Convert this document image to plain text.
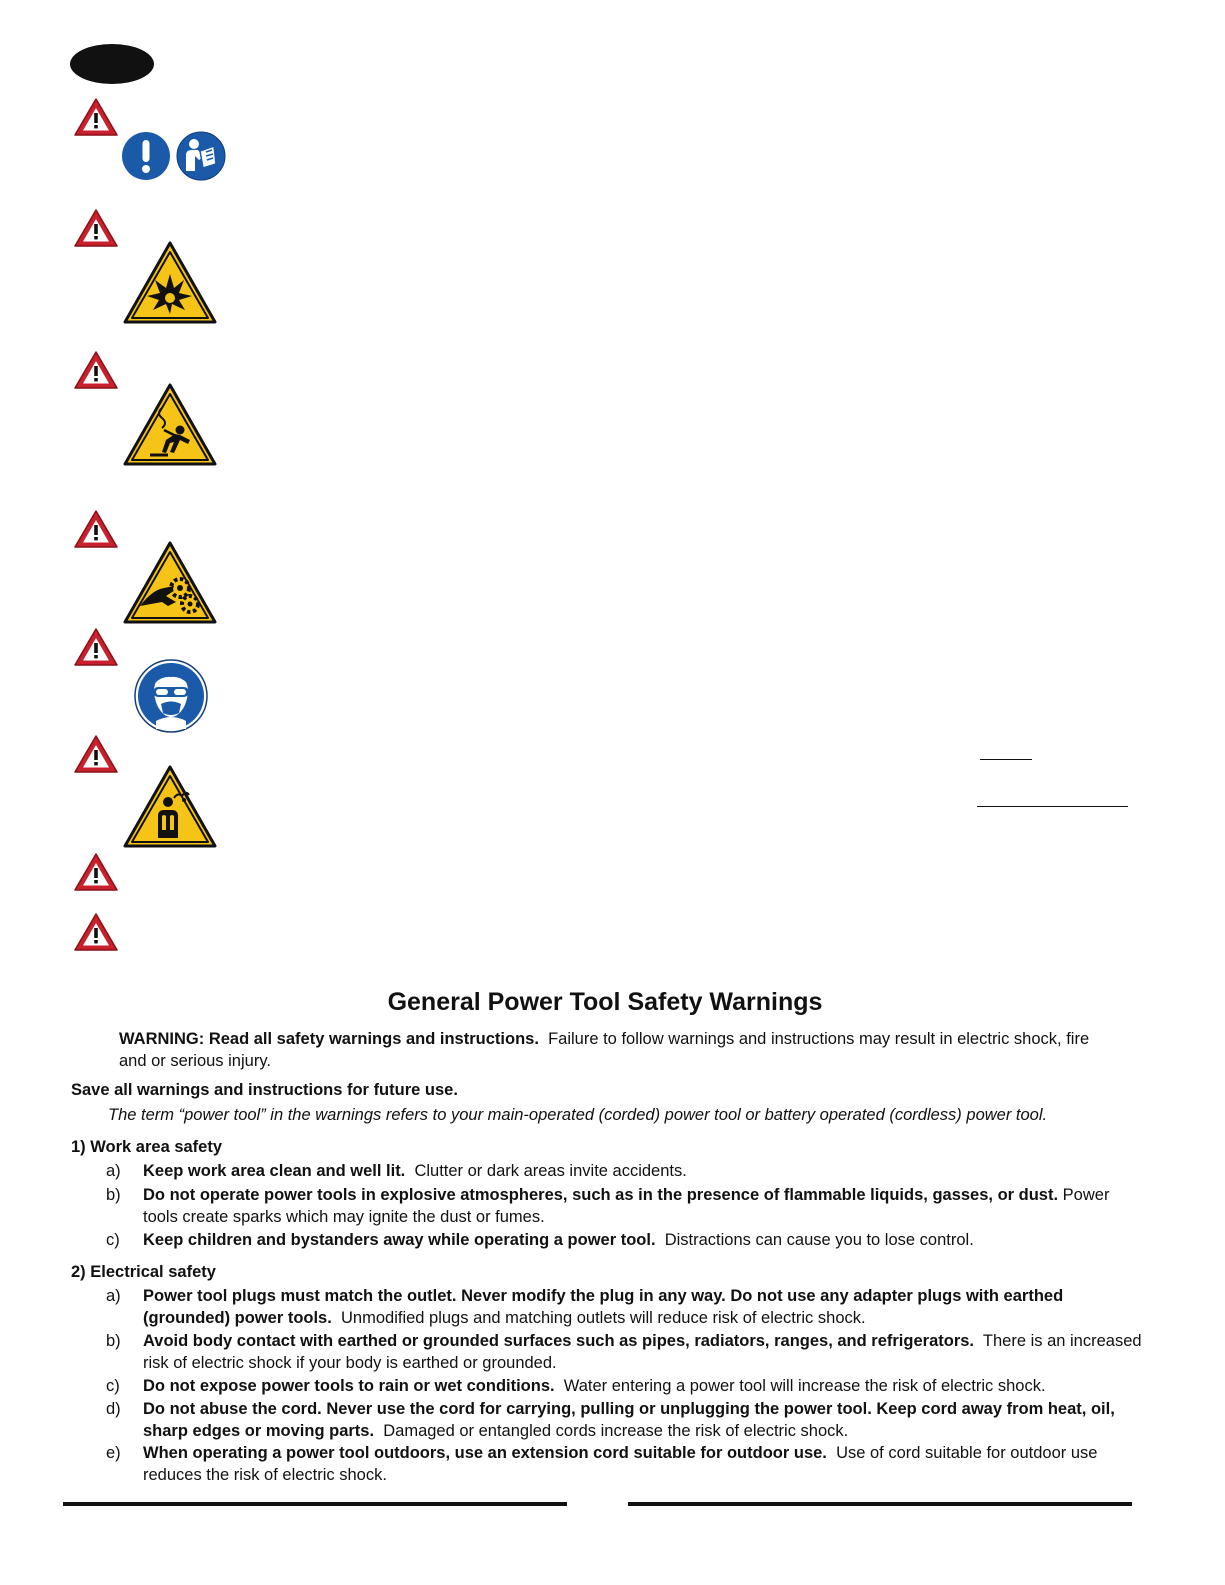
General Power Tool Safety Warnings
WARNING: Read all safety warnings and instructions. Failure to follow warnings and instructions may result in electric shock, fire and or serious injury.
Save all warnings and instructions for future use.
The term “power tool” in the warnings refers to your main-operated (corded) power tool or battery operated (cordless) power tool.
1) Work area safety
a)	Keep work area clean and well lit. Clutter or dark areas invite accidents.
b)	Do not operate power tools in explosive atmospheres, such as in the presence of flammable liquids, gasses, or dust. Power tools create sparks which may ignite the dust or fumes.
c)	Keep children and bystanders away while operating a power tool. Distractions can cause you to lose control.
2) Electrical safety
a)	Power tool plugs must match the outlet. Never modify the plug in any way. Do not use any adapter plugs with earthed (grounded) power tools. Unmodified plugs and matching outlets will reduce risk of electric shock.
b)	Avoid body contact with earthed or grounded surfaces such as pipes, radiators, ranges, and refrigerators. There is an increased risk of electric shock if your body is earthed or grounded.
c)	Do not expose power tools to rain or wet conditions. Water entering a power tool will increase the risk of electric shock.
d)	Do not abuse the cord. Never use the cord for carrying, pulling or unplugging the power tool. Keep cord away from heat, oil, sharp edges or moving parts. Damaged or entangled cords increase the risk of electric shock.
e)	When operating a power tool outdoors, use an extension cord suitable for outdoor use. Use of cord suitable for outdoor use reduces the risk of electric shock.
